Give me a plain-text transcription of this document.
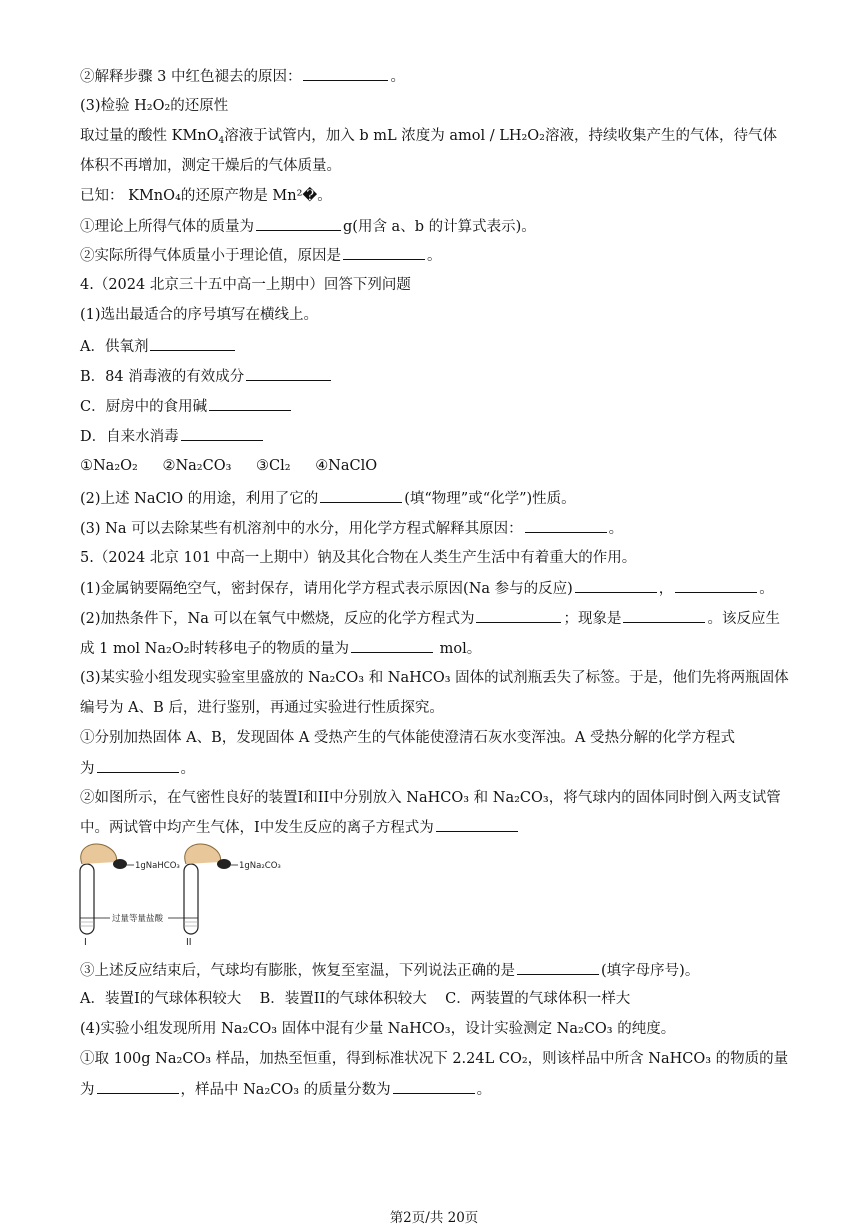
②解释步骤 3 中红色褪去的原因：	。
(3)检验 H₂O₂的还原性
取过量的酸性 KMnO$_4$溶液于试管内，加入 b mL 浓度为 amol / LH₂O₂溶液，持续收集产生的气体，待气体
体积不再增加，测定干燥后的气体质量。
已知： KMnO₄的还原产物是 Mn²�。
①理论上所得气体的质量为	g(用含 a、b 的计算式表示)。
②实际所得气体质量小于理论值，原因是	。
4.（2024 北京三十五中高一上期中）回答下列问题
(1)选出最适合的序号填写在横线上。
A．供氧剂
B．84 消毒液的有效成分
C．厨房中的食用碱
D．自来水消毒
①Na₂O₂ ②Na₂CO₃ ③Cl₂ ④NaClO
(2)上述 NaClO 的用途，利用了它的	(填“物理”或“化学”)性质。
(3) Na 可以去除某些有机溶剂中的水分，用化学方程式解释其原因：	。
5.（2024 北京 101 中高一上期中）钠及其化合物在人类生产生活中有着重大的作用。
(1)金属钠要隔绝空气，密封保存，请用化学方程式表示原因(Na 参与的反应)	，	。
(2)加热条件下，Na 可以在氧气中燃烧，反应的化学方程式为	；现象是	。该反应生
成 1 mol Na₂O₂时转移电子的物质的量为	mol。
(3)某实验小组发现实验室里盛放的 Na₂CO₃ 和 NaHCO₃ 固体的试剂瓶丢失了标签。于是，他们先将两瓶固体
编号为 A、B 后，进行鉴别，再通过实验进行性质探究。
①分别加热固体 A、B，发现固体 A 受热产生的气体能使澄清石灰水变浑浊。A 受热分解的化学方程式
为	。
②如图所示，在气密性良好的装置I和II中分别放入 NaHCO₃ 和 Na₂CO₃，将气球内的固体同时倒入两支试管
中。两试管中均产生气体，I中发生反应的离子方程式为
1gNaHCO₃	1gNa₂CO₃
过量等量盐酸
I	II
③上述反应结束后，气球均有膨胀，恢复至室温，下列说法正确的是	(填字母序号)。
A．装置I的气球体积较大    B．装置II的气球体积较大    C．两装置的气球体积一样大
(4)实验小组发现所用 Na₂CO₃ 固体中混有少量 NaHCO₃，设计实验测定 Na₂CO₃ 的纯度。
①取 100g Na₂CO₃ 样品，加热至恒重，得到标准状况下 2.24L CO₂，则该样品中所含 NaHCO₃ 的物质的量
为	，样品中 Na₂CO₃ 的质量分数为	。
第2页/共 20页
